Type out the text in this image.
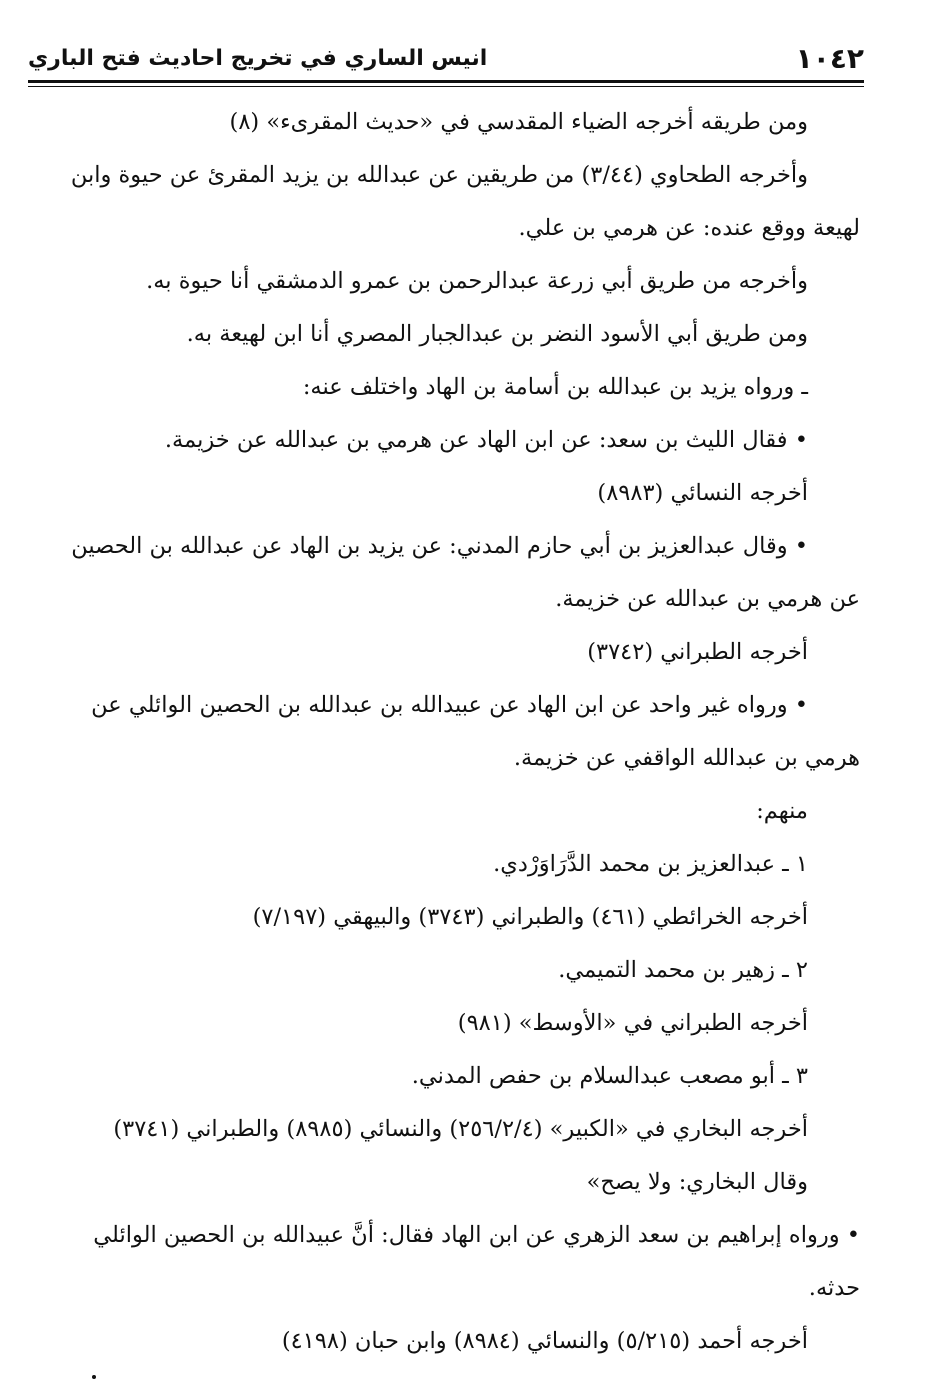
١٠٤٢
انيس الساري في تخريج احاديث فتح الباري

ومن طريقه أخرجه الضياء المقدسي في «حديث المقرىء» (٨)

وأخرجه الطحاوي (٣/٤٤) من طريقين عن عبدالله بن يزيد المقرئ عن حيوة وابن

لهيعة ووقع عنده: عن هرمي بن علي.

وأخرجه من طريق أبي زرعة عبدالرحمن بن عمرو الدمشقي أنا حيوة به.

ومن طريق أبي الأسود النضر بن عبدالجبار المصري أنا ابن لهيعة به.

ـ ورواه يزيد بن عبدالله بن أسامة بن الهاد واختلف عنه:

• فقال الليث بن سعد: عن ابن الهاد عن هرمي بن عبدالله عن خزيمة.

أخرجه النسائي (٨٩٨٣)

• وقال عبدالعزيز بن أبي حازم المدني: عن يزيد بن الهاد عن عبدالله بن الحصين

عن هرمي بن عبدالله عن خزيمة.

أخرجه الطبراني (٣٧٤٢)

• ورواه غير واحد عن ابن الهاد عن عبيدالله بن عبدالله بن الحصين الوائلي عن

هرمي بن عبدالله الواقفي عن خزيمة.

منهم:

١ ـ عبدالعزيز بن محمد الدَّرَاوَرْدي.

أخرجه الخرائطي (٤٦١) والطبراني (٣٧٤٣) والبيهقي (٧/١٩٧)

٢ ـ زهير بن محمد التميمي.

أخرجه الطبراني في «الأوسط» (٩٨١)

٣ ـ أبو مصعب عبدالسلام بن حفص المدني.

أخرجه البخاري في «الكبير» (٢٥٦/٢/٤) والنسائي (٨٩٨٥) والطبراني (٣٧٤١)

وقال البخاري: ولا يصح»

• ورواه إبراهيم بن سعد الزهري عن ابن الهاد فقال: أنَّ عبيدالله بن الحصين الوائلي

حدثه.

أخرجه أحمد (٥/٢١٥) والنسائي (٨٩٨٤) وابن حبان (٤١٩٨)
